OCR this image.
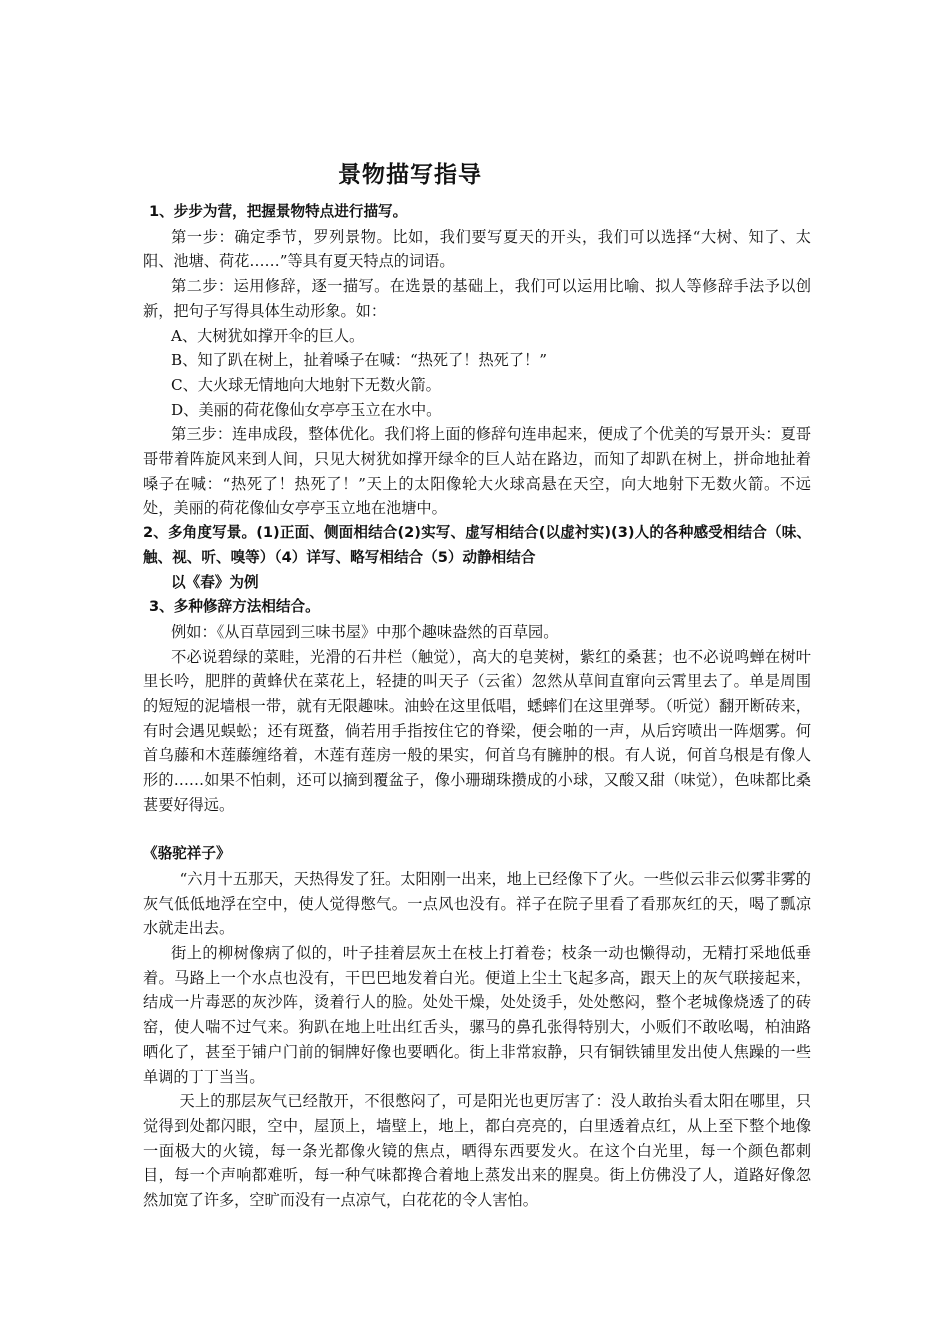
景物描写指导

1、步步为营，把握景物特点进行描写。

第一步：确定季节，罗列景物。比如，我们要写夏天的开头，我们可以选择“大树、知了、太阳、池塘、荷花……”等具有夏天特点的词语。

第二步：运用修辞，逐一描写。在选景的基础上，我们可以运用比喻、拟人等修辞手法予以创新，把句子写得具体生动形象。如：

A、大树犹如撑开伞的巨人。

B、知了趴在树上，扯着嗓子在喊：“热死了！热死了！”

C、大火球无情地向大地射下无数火箭。

D、美丽的荷花像仙女亭亭玉立在水中。

第三步：连串成段，整体优化。我们将上面的修辞句连串起来，便成了个优美的写景开头：夏哥哥带着阵旋风来到人间，只见大树犹如撑开绿伞的巨人站在路边，而知了却趴在树上，拼命地扯着嗓子在喊：“热死了！热死了！”天上的太阳像轮大火球高悬在天空，向大地射下无数火箭。不远处，美丽的荷花像仙女亭亭玉立地在池塘中。

2、多角度写景。(1)正面、侧面相结合(2)实写、虚写相结合(以虚衬实)(3)人的各种感受相结合（味、触、视、听、嗅等）（4）详写、略写相结合（5）动静相结合

以《春》为例

3、多种修辞方法相结合。

例如：《从百草园到三味书屋》中那个趣味盎然的百草园。

不必说碧绿的菜畦，光滑的石井栏（触觉），高大的皂荚树，紫红的桑葚；也不必说鸣蝉在树叶里长吟，肥胖的黄蜂伏在菜花上，轻捷的叫天子（云雀）忽然从草间直窜向云霄里去了。单是周围的短短的泥墙根一带，就有无限趣味。油蛉在这里低唱，蟋蟀们在这里弹琴。（听觉）翻开断砖来，有时会遇见蜈蚣；还有斑蝥，倘若用手指按住它的脊梁，便会啪的一声，从后窍喷出一阵烟雾。何首乌藤和木莲藤缠络着，木莲有莲房一般的果实，何首乌有臃肿的根。有人说，何首乌根是有像人形的……如果不怕刺，还可以摘到覆盆子，像小珊瑚珠攒成的小球，又酸又甜（味觉），色味都比桑葚要好得远。

《骆驼祥子》

“六月十五那天，天热得发了狂。太阳刚一出来，地上已经像下了火。一些似云非云似雾非雾的灰气低低地浮在空中，使人觉得憋气。一点风也没有。祥子在院子里看了看那灰红的天，喝了瓢凉水就走出去。

街上的柳树像病了似的，叶子挂着层灰土在枝上打着卷；枝条一动也懒得动，无精打采地低垂着。马路上一个水点也没有，干巴巴地发着白光。便道上尘土飞起多高，跟天上的灰气联接起来，结成一片毒恶的灰沙阵，烫着行人的脸。处处干燥，处处烫手，处处憋闷，整个老城像烧透了的砖窑，使人喘不过气来。狗趴在地上吐出红舌头，骡马的鼻孔张得特别大，小贩们不敢吆喝，柏油路晒化了，甚至于铺户门前的铜牌好像也要晒化。街上非常寂静，只有铜铁铺里发出使人焦躁的一些单调的丁丁当当。

天上的那层灰气已经散开，不很憋闷了，可是阳光也更厉害了：没人敢抬头看太阳在哪里，只觉得到处都闪眼，空中，屋顶上，墙壁上，地上，都白亮亮的，白里透着点红，从上至下整个地像一面极大的火镜，每一条光都像火镜的焦点，晒得东西要发火。在这个白光里，每一个颜色都刺目，每一个声响都难听，每一种气味都搀合着地上蒸发出来的腥臭。街上仿佛没了人，道路好像忽然加宽了许多，空旷而没有一点凉气，白花花的令人害怕。
